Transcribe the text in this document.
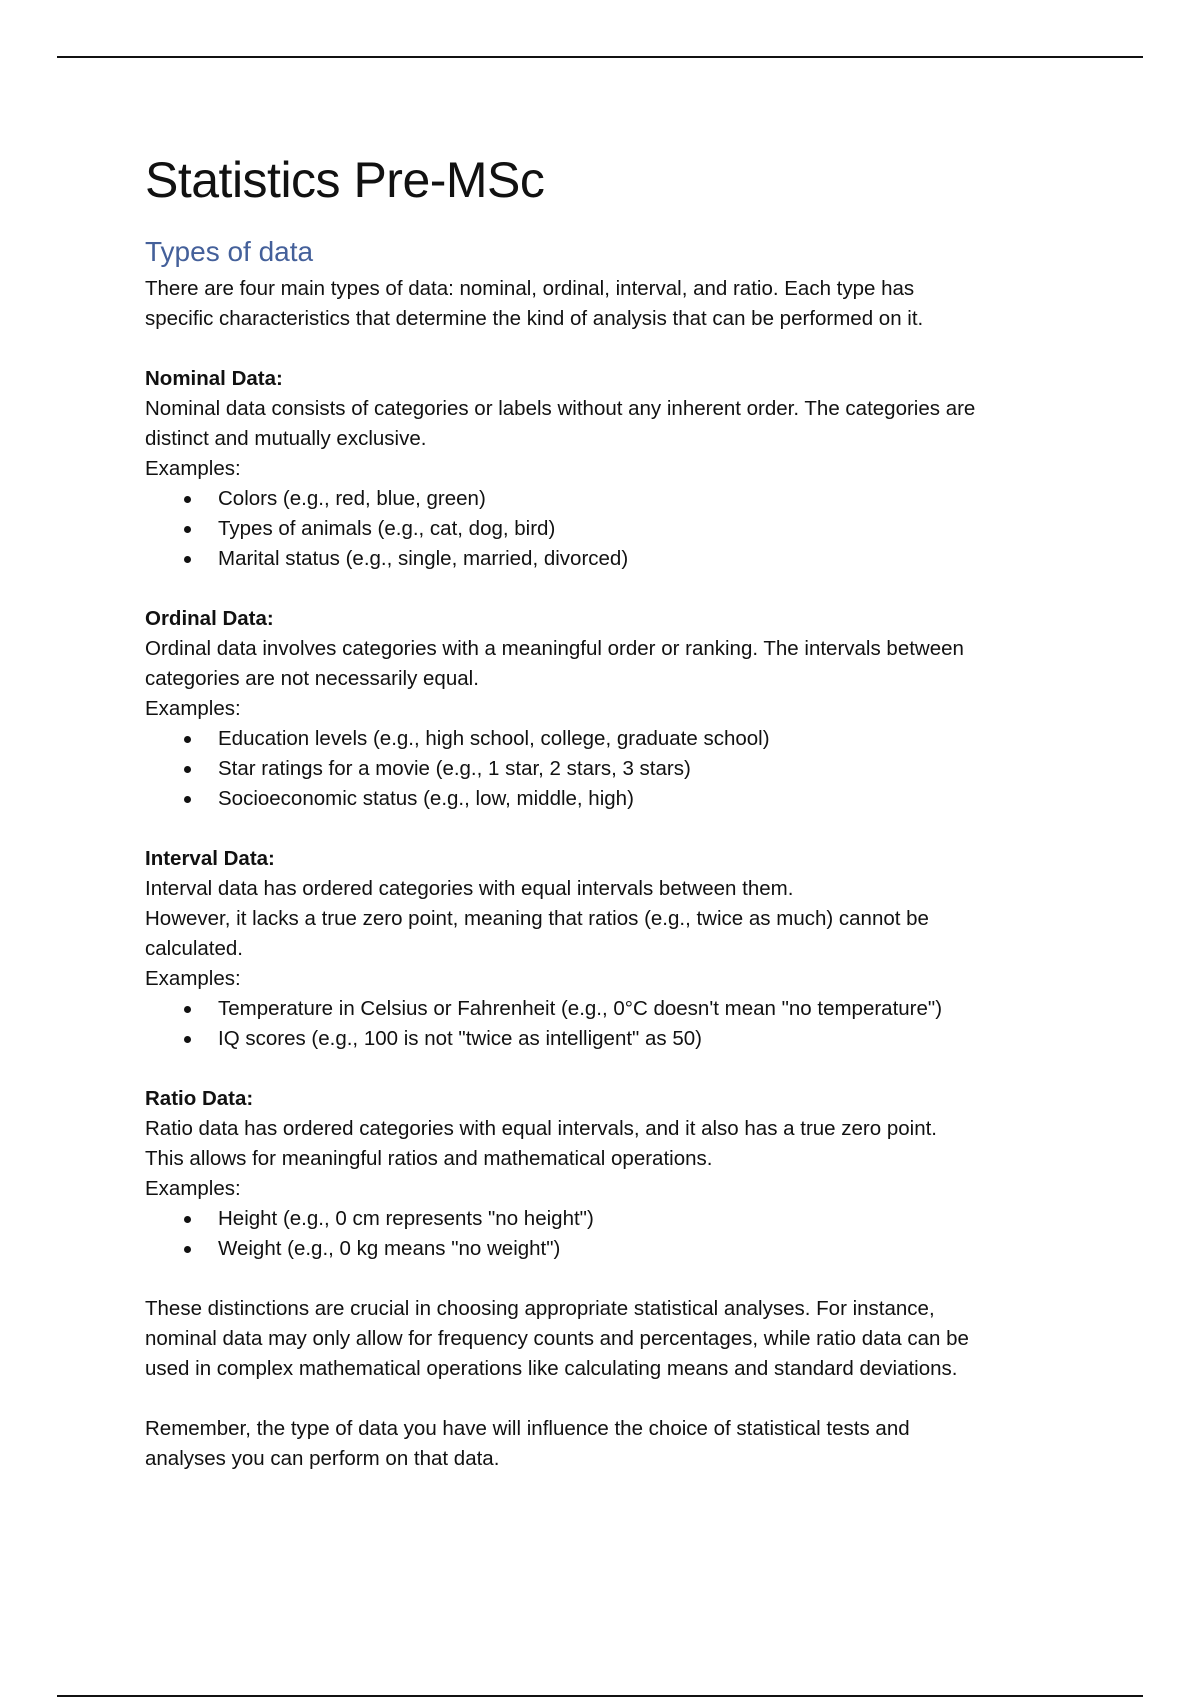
Statistics Pre-MSc
Types of data

There are four main types of data: nominal, ordinal, interval, and ratio. Each type has

specific characteristics that determine the kind of analysis that can be performed on it.

Nominal Data:

Nominal data consists of categories or labels without any inherent order. The categories are

distinct and mutually exclusive.

Examples:

Colors (e.g., red, blue, green)
Types of animals (e.g., cat, dog, bird)
Marital status (e.g., single, married, divorced)

Ordinal Data:

Ordinal data involves categories with a meaningful order or ranking. The intervals between

categories are not necessarily equal.

Examples:

Education levels (e.g., high school, college, graduate school)
Star ratings for a movie (e.g., 1 star, 2 stars, 3 stars)
Socioeconomic status (e.g., low, middle, high)

Interval Data:

Interval data has ordered categories with equal intervals between them.

However, it lacks a true zero point, meaning that ratios (e.g., twice as much) cannot be

calculated.

Examples:

Temperature in Celsius or Fahrenheit (e.g., 0°C doesn't mean "no temperature")
IQ scores (e.g., 100 is not "twice as intelligent" as 50)

Ratio Data:

Ratio data has ordered categories with equal intervals, and it also has a true zero point.

This allows for meaningful ratios and mathematical operations.

Examples:

Height (e.g., 0 cm represents "no height")
Weight (e.g., 0 kg means "no weight")

These distinctions are crucial in choosing appropriate statistical analyses. For instance,

nominal data may only allow for frequency counts and percentages, while ratio data can be

used in complex mathematical operations like calculating means and standard deviations.

Remember, the type of data you have will influence the choice of statistical tests and

analyses you can perform on that data.
